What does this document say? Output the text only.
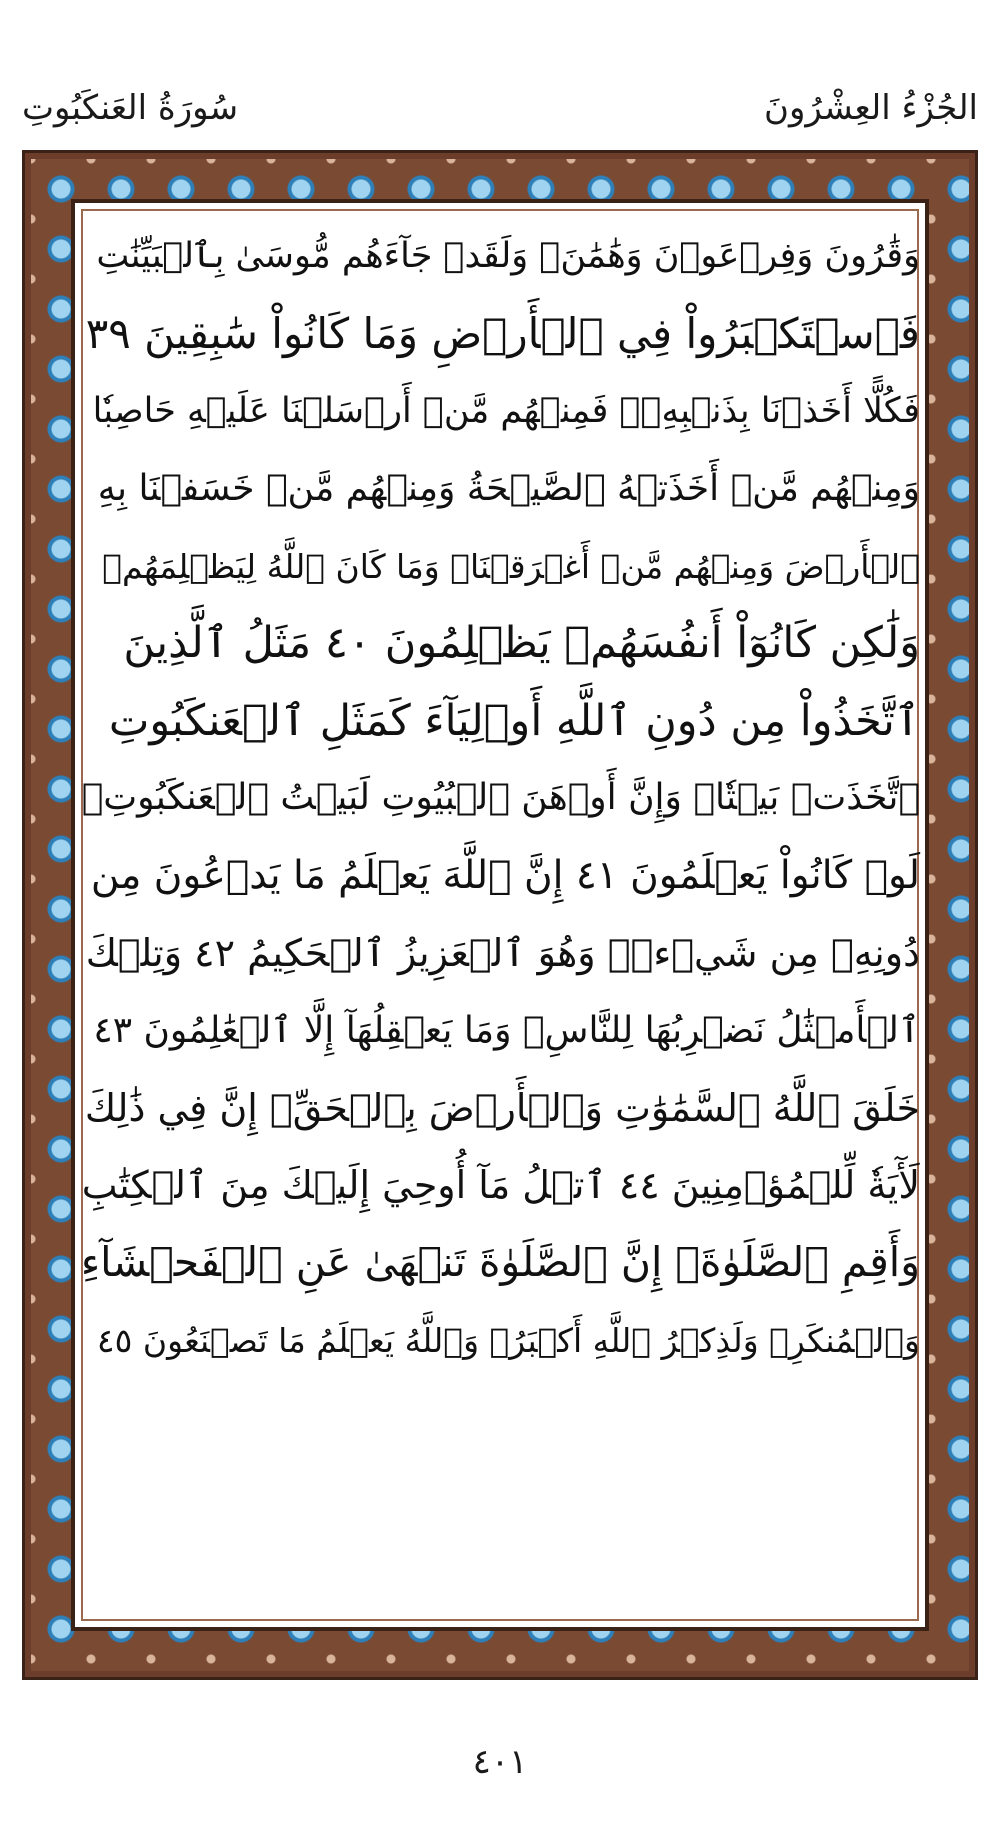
سُورَةُ العَنكَبُوتِ	الجُزْءُ العِشْرُونَ
وَقَٰرُونَ وَفِرۡعَوۡنَ وَهَٰمَٰنَۖ وَلَقَدۡ جَآءَهُم مُّوسَىٰ بِٱلۡبَيِّنَٰتِ
فَٱسۡتَكۡبَرُواْ فِي ٱلۡأَرۡضِ وَمَا كَانُواْ سَٰبِقِينَ ٣٩
فَكُلًّا أَخَذۡنَا بِذَنۢبِهِۦۖ فَمِنۡهُم مَّنۡ أَرۡسَلۡنَا عَلَيۡهِ حَاصِبٗا
وَمِنۡهُم مَّنۡ أَخَذَتۡهُ ٱلصَّيۡحَةُ وَمِنۡهُم مَّنۡ خَسَفۡنَا بِهِ
ٱلۡأَرۡضَ وَمِنۡهُم مَّنۡ أَغۡرَقۡنَاۚ وَمَا كَانَ ٱللَّهُ لِيَظۡلِمَهُمۡ
وَلَٰكِن كَانُوٓاْ أَنفُسَهُمۡ يَظۡلِمُونَ ٤٠ مَثَلُ ٱلَّذِينَ
ٱتَّخَذُواْ مِن دُونِ ٱللَّهِ أَوۡلِيَآءَ كَمَثَلِ ٱلۡعَنكَبُوتِ
ٱتَّخَذَتۡ بَيۡتٗاۖ وَإِنَّ أَوۡهَنَ ٱلۡبُيُوتِ لَبَيۡتُ ٱلۡعَنكَبُوتِۖ
لَوۡ كَانُواْ يَعۡلَمُونَ ٤١ إِنَّ ٱللَّهَ يَعۡلَمُ مَا يَدۡعُونَ مِن
دُونِهِۦ مِن شَيۡءٖۚ وَهُوَ ٱلۡعَزِيزُ ٱلۡحَكِيمُ ٤٢ وَتِلۡكَ
ٱلۡأَمۡثَٰلُ نَضۡرِبُهَا لِلنَّاسِۖ وَمَا يَعۡقِلُهَآ إِلَّا ٱلۡعَٰلِمُونَ ٤٣
خَلَقَ ٱللَّهُ ٱلسَّمَٰوَٰتِ وَٱلۡأَرۡضَ بِٱلۡحَقِّۚ إِنَّ فِي ذَٰلِكَ
لَأٓيَةٗ لِّلۡمُؤۡمِنِينَ ٤٤ ٱتۡلُ مَآ أُوحِيَ إِلَيۡكَ مِنَ ٱلۡكِتَٰبِ
وَأَقِمِ ٱلصَّلَوٰةَۖ إِنَّ ٱلصَّلَوٰةَ تَنۡهَىٰ عَنِ ٱلۡفَحۡشَآءِ
وَٱلۡمُنكَرِۗ وَلَذِكۡرُ ٱللَّهِ أَكۡبَرُۗ وَٱللَّهُ يَعۡلَمُ مَا تَصۡنَعُونَ ٤٥
٤٠١
